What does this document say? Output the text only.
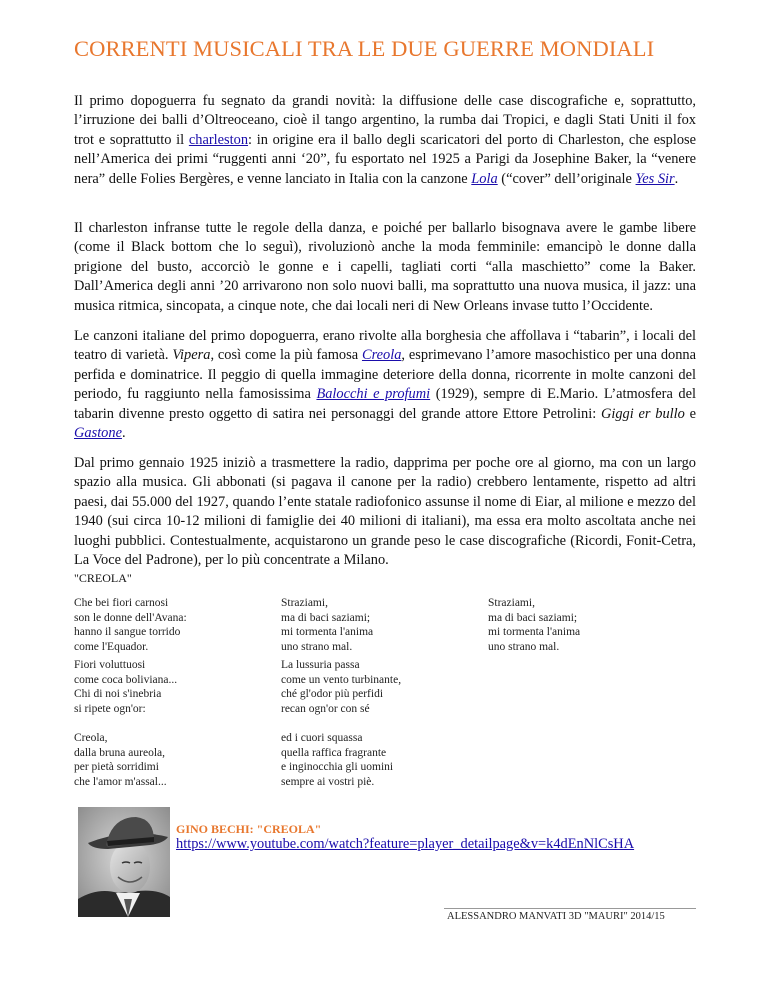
CORRENTI MUSICALI TRA LE DUE GUERRE MONDIALI

Il primo dopoguerra fu segnato da grandi novità: la diffusione delle case discografiche e, soprattutto, l’irruzione dei balli d’Oltreoceano, cioè il tango argentino, la rumba dai Tropici, e dagli Stati Uniti il fox trot e soprattutto il charleston: in origine era il ballo degli scaricatori del porto di Charleston, che esplose nell’America dei primi “ruggenti anni ‘20”, fu esportato nel 1925 a Parigi da Josephine Baker, la “venere nera” delle Folies Bergères, e venne lanciato in Italia con la canzone Lola (“cover” dell’originale Yes Sir.

Il charleston infranse tutte le regole della danza, e poiché per ballarlo bisognava avere le gambe libere (come il Black bottom che lo seguì), rivoluzionò anche la moda femminile: emancipò le donne dalla prigione del busto, accorciò le gonne e i capelli, tagliati corti “alla maschietto” come la Baker. Dall’America degli anni ’20 arrivarono non solo nuovi balli, ma soprattutto una nuova musica, il jazz: una musica ritmica, sincopata, a cinque note, che dai locali neri di New Orleans invase tutto l’Occidente.

Le canzoni italiane del primo dopoguerra, erano rivolte alla borghesia che affollava i “tabarin”, i locali del teatro di varietà. Vipera, così come la più famosa Creola, esprimevano l’amore masochistico per una donna perfida e dominatrice. Il peggio di quella immagine deteriore della donna, ricorrente in molte canzoni del periodo, fu raggiunto nella famosissima Balocchi e profumi (1929), sempre di E.Mario. L’atmosfera del tabarin divenne presto oggetto di satira nei personaggi del grande attore Ettore Petrolini: Giggi er bullo e Gastone.

Dal primo gennaio 1925 iniziò a trasmettere la radio, dapprima per poche ore al giorno, ma con un largo spazio alla musica. Gli abbonati (si pagava il canone per la radio) crebbero lentamente, rispetto ad altri paesi, dai 55.000 del 1927, quando l’ente statale radiofonico assunse il nome di Eiar, al milione e mezzo del 1940 (sui circa 10-12 milioni di famiglie dei 40 milioni di italiani), ma essa era molto ascoltata anche nei luoghi pubblici. Contestualmente, acquistarono un grande peso le case discografiche (Ricordi, Fonit-Cetra, La Voce del Padrone), per lo più concentrate a Milano.

"CREOLA"

Che bei fiori carnosi
son le donne dell'Avana:
hanno il sangue torrido
come l'Equador.
Straziami,
ma di baci saziami;
mi tormenta l'anima
uno strano mal.
Straziami,
ma di baci saziami;
mi tormenta l'anima
uno strano mal.
Fiori voluttuosi
come coca boliviana...
Chi di noi s'inebria
si ripete ogn'or:
La lussuria passa
come un vento turbinante,
ché gl'odor più perfidi
recan ogn'or con sé
Creola,
dalla bruna aureola,
per pietà sorridimi
che l'amor m'assal...
ed i cuori squassa
quella raffica fragrante
e inginocchia gli uomini
sempre ai vostri piè.

GINO BECHI: "CREOLA"

https://www.youtube.com/watch?feature=player_detailpage&v=k4dEnNlCsHA

ALESSANDRO MANVATI 3D "MAURI" 2014/15
